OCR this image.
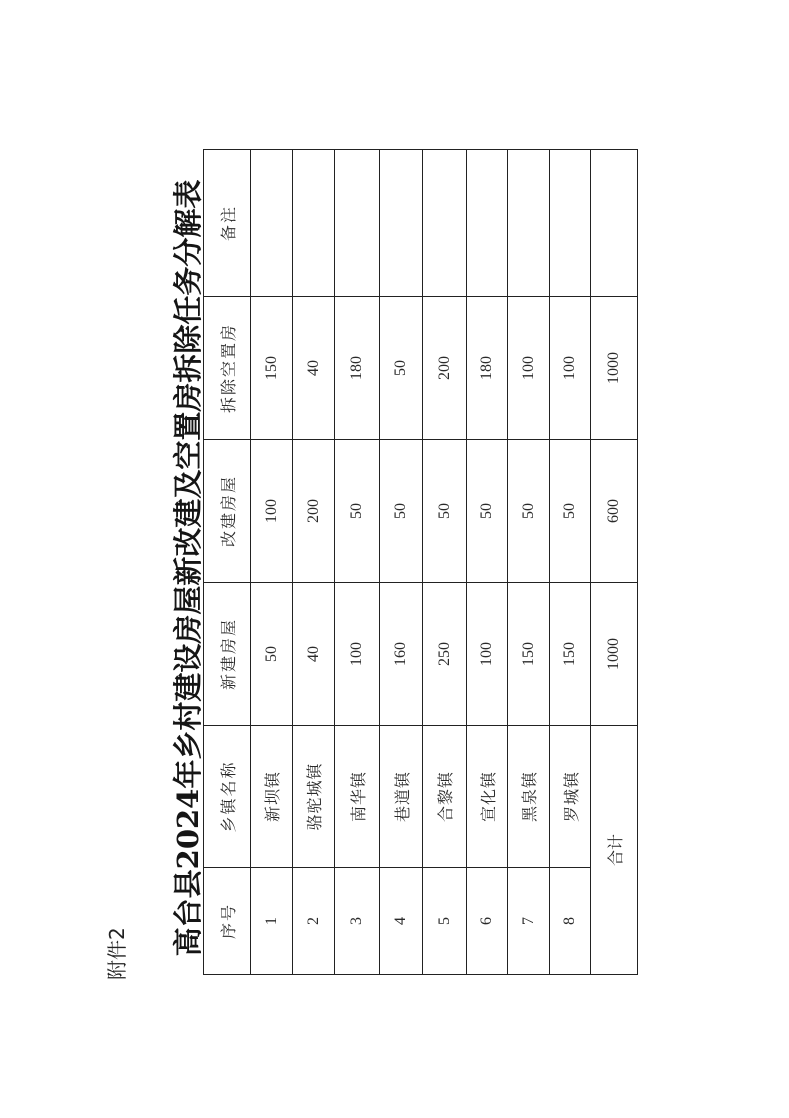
附件2 高台县2024年乡村建设房屋新改建及空置房拆除任务分解表 序号	乡镇名称	新建房屋	改建房屋	拆除空置房	备注
1	新坝镇	50	100	150	
2	骆驼城镇	40	200	40	
3	南华镇	100	50	180	
4	巷道镇	160	50	50	
5	合黎镇	250	50	200	
6	宣化镇	100	50	180	
7	黑泉镇	150	50	100	
8	罗城镇	150	50	100	
合计		1000	600	1000	
